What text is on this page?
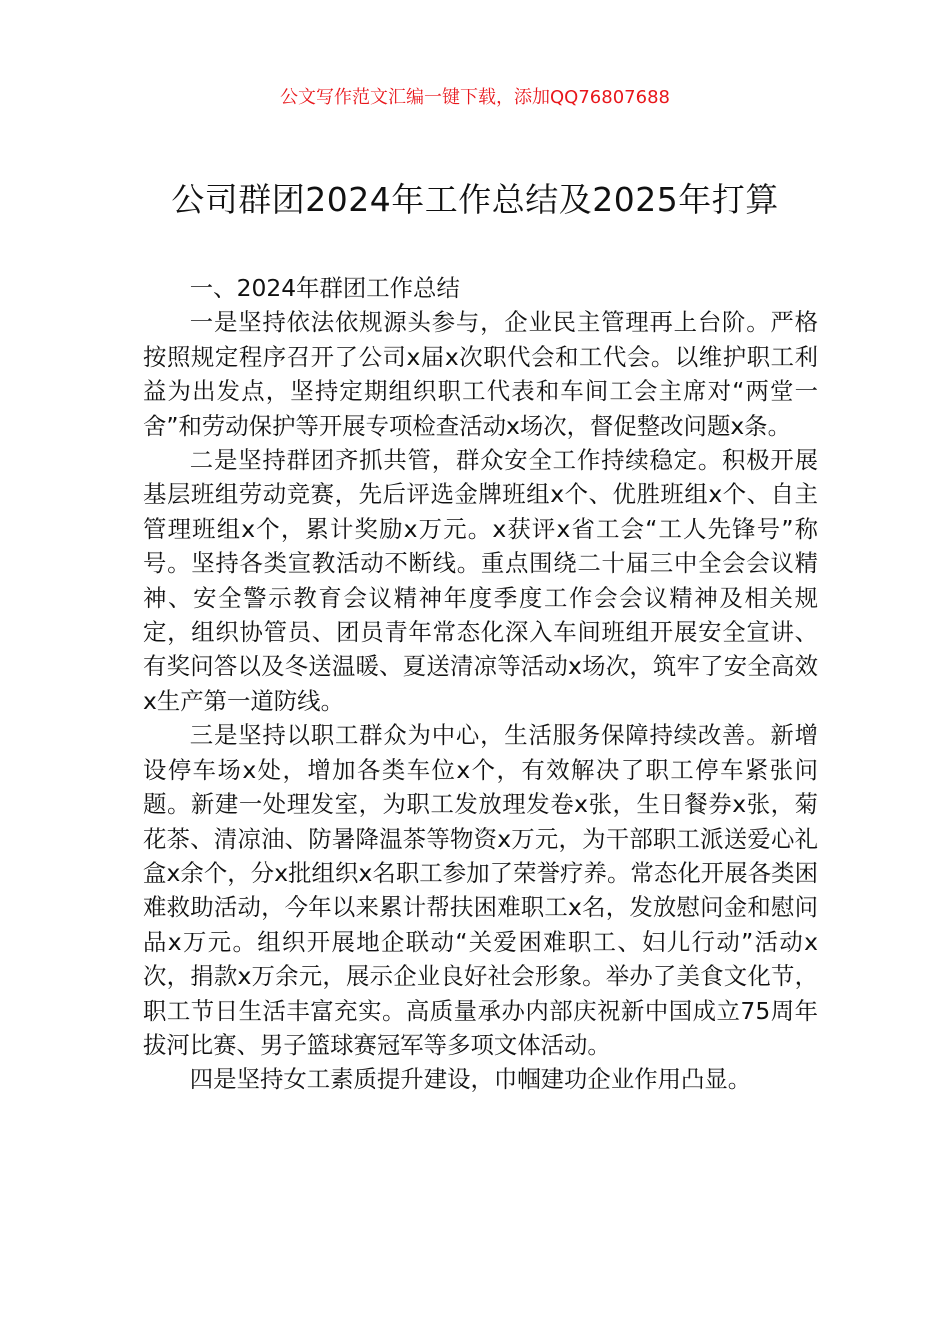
公文写作范文汇编一键下载，添加QQ76807688
公司群团2024年工作总结及2025年打算

一、2024年群团工作总结

一是坚持依法依规源头参与，企业民主管理再上台阶。严格按照规定程序召开了公司x届x次职代会和工代会。以维护职工利益为出发点，坚持定期组织职工代表和车间工会主席对“两堂一舍”和劳动保护等开展专项检查活动x场次，督促整改问题x条。

二是坚持群团齐抓共管，群众安全工作持续稳定。积极开展基层班组劳动竞赛，先后评选金牌班组x个、优胜班组x个、自主管理班组x个，累计奖励x万元。x获评x省工会“工人先锋号”称号。坚持各类宣教活动不断线。重点围绕二十届三中全会会议精神、安全警示教育会议精神年度季度工作会会议精神及相关规定，组织协管员、团员青年常态化深入车间班组开展安全宣讲、有奖问答以及冬送温暖、夏送清凉等活动x场次，筑牢了安全高效x生产第一道防线。

三是坚持以职工群众为中心，生活服务保障持续改善。新增设停车场x处，增加各类车位x个，有效解决了职工停车紧张问题。新建一处理发室，为职工发放理发卷x张，生日餐券x张，菊花茶、清凉油、防暑降温茶等物资x万元，为干部职工派送爱心礼盒x余个，分x批组织x名职工参加了荣誉疗养。常态化开展各类困难救助活动，今年以来累计帮扶困难职工x名，发放慰问金和慰问品x万元。组织开展地企联动“关爱困难职工、妇儿行动”活动x次，捐款x万余元，展示企业良好社会形象。举办了美食文化节，职工节日生活丰富充实。高质量承办内部庆祝新中国成立75周年拔河比赛、男子篮球赛冠军等多项文体活动。

四是坚持女工素质提升建设，巾帼建功企业作用凸显。
